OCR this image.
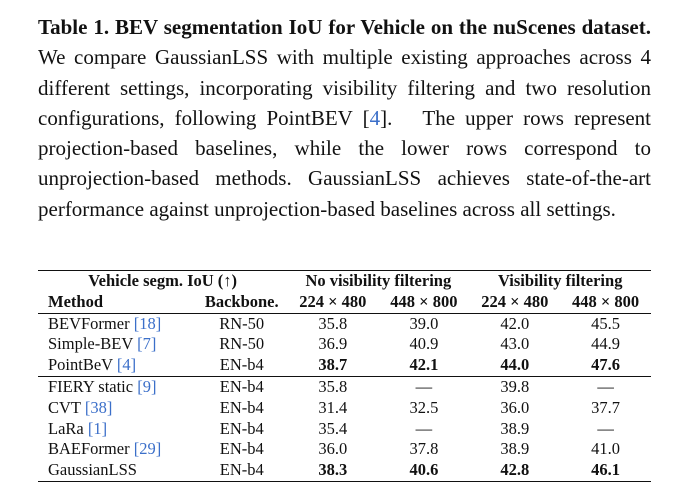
Table 1. BEV segmentation IoU for Vehicle on the nuScenes dataset. We compare GaussianLSS with multiple existing approaches across 4 different settings, incorporating visibility filtering and two resolution configurations, following PointBEV [4]. The upper rows represent projection-based baselines, while the lower rows correspond to unprojection-based methods. GaussianLSS achieves state-of-the-art performance against unprojection-based baselines across all settings.

Vehicle segm. IoU (↑)		No visibility filtering		Visibility filtering	
Method	Backbone.	224 × 480	448 × 800	224 × 480	448 × 800
BEVFormer [18]	RN-50	35.8	39.0	42.0	45.5
Simple-BEV [7]	RN-50	36.9	40.9	43.0	44.9
PointBeV [4]	EN-b4	38.7	42.1	44.0	47.6
FIERY static [9]	EN-b4	35.8	—	39.8	—
CVT [38]	EN-b4	31.4	32.5	36.0	37.7
LaRa [1]	EN-b4	35.4	—	38.9	—
BAEFormer [29]	EN-b4	36.0	37.8	38.9	41.0
GaussianLSS	EN-b4	38.3	40.6	42.8	46.1
